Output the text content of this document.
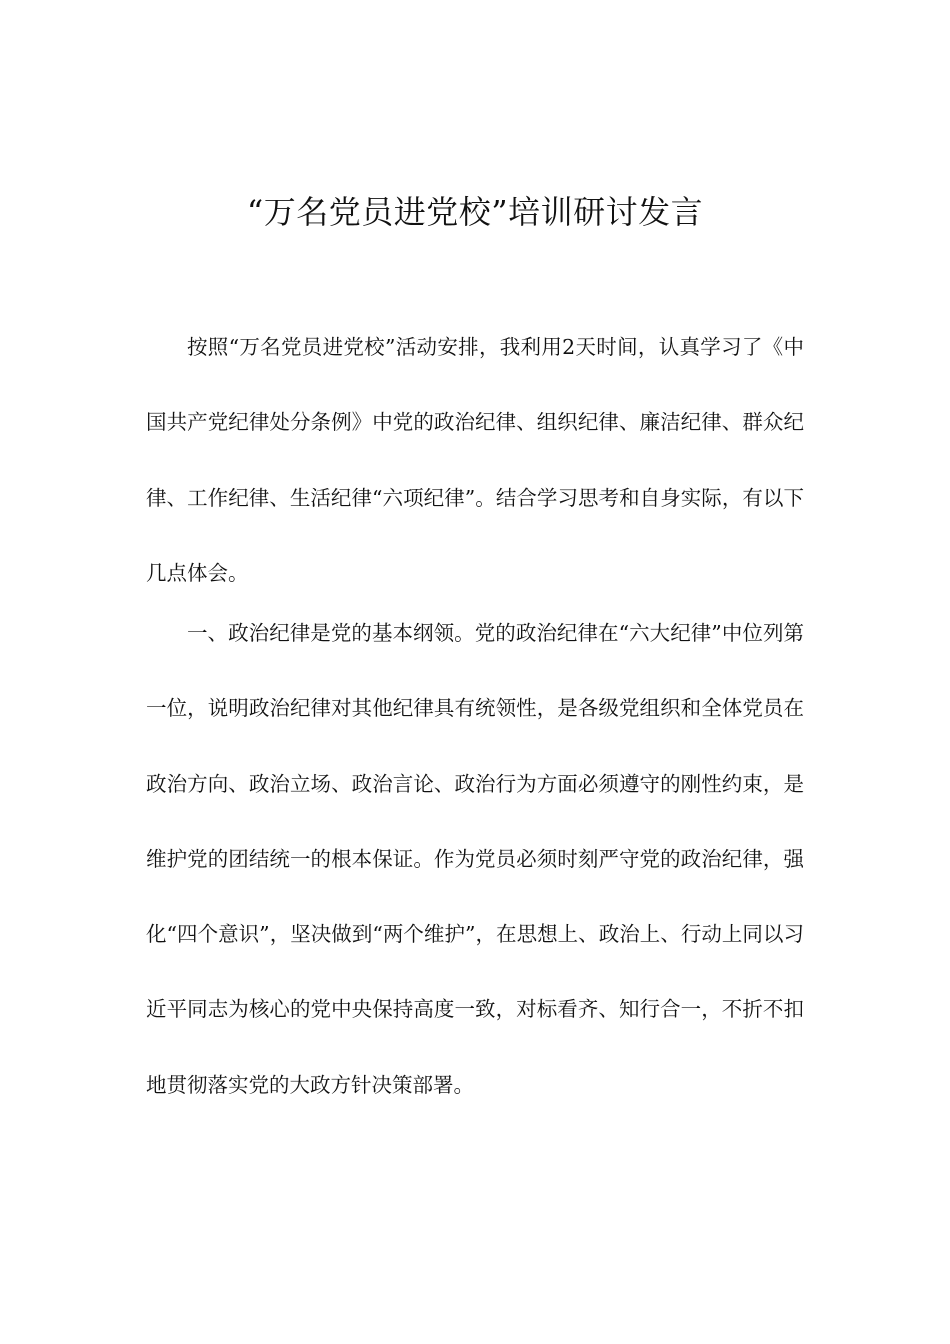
“万名党员进党校”培训研讨发言

按照“万名党员进党校”活动安排，我利用2天时间，认真学习了《中国共产党纪律处分条例》中党的政治纪律、组织纪律、廉洁纪律、群众纪律、工作纪律、生活纪律“六项纪律”。结合学习思考和自身实际，有以下几点体会。

一、政治纪律是党的基本纲领。党的政治纪律在“六大纪律”中位列第一位，说明政治纪律对其他纪律具有统领性，是各级党组织和全体党员在政治方向、政治立场、政治言论、政治行为方面必须遵守的刚性约束，是维护党的团结统一的根本保证。作为党员必须时刻严守党的政治纪律，强化“四个意识”，坚决做到“两个维护”，在思想上、政治上、行动上同以习近平同志为核心的党中央保持高度一致，对标看齐、知行合一，不折不扣地贯彻落实党的大政方针决策部署。
